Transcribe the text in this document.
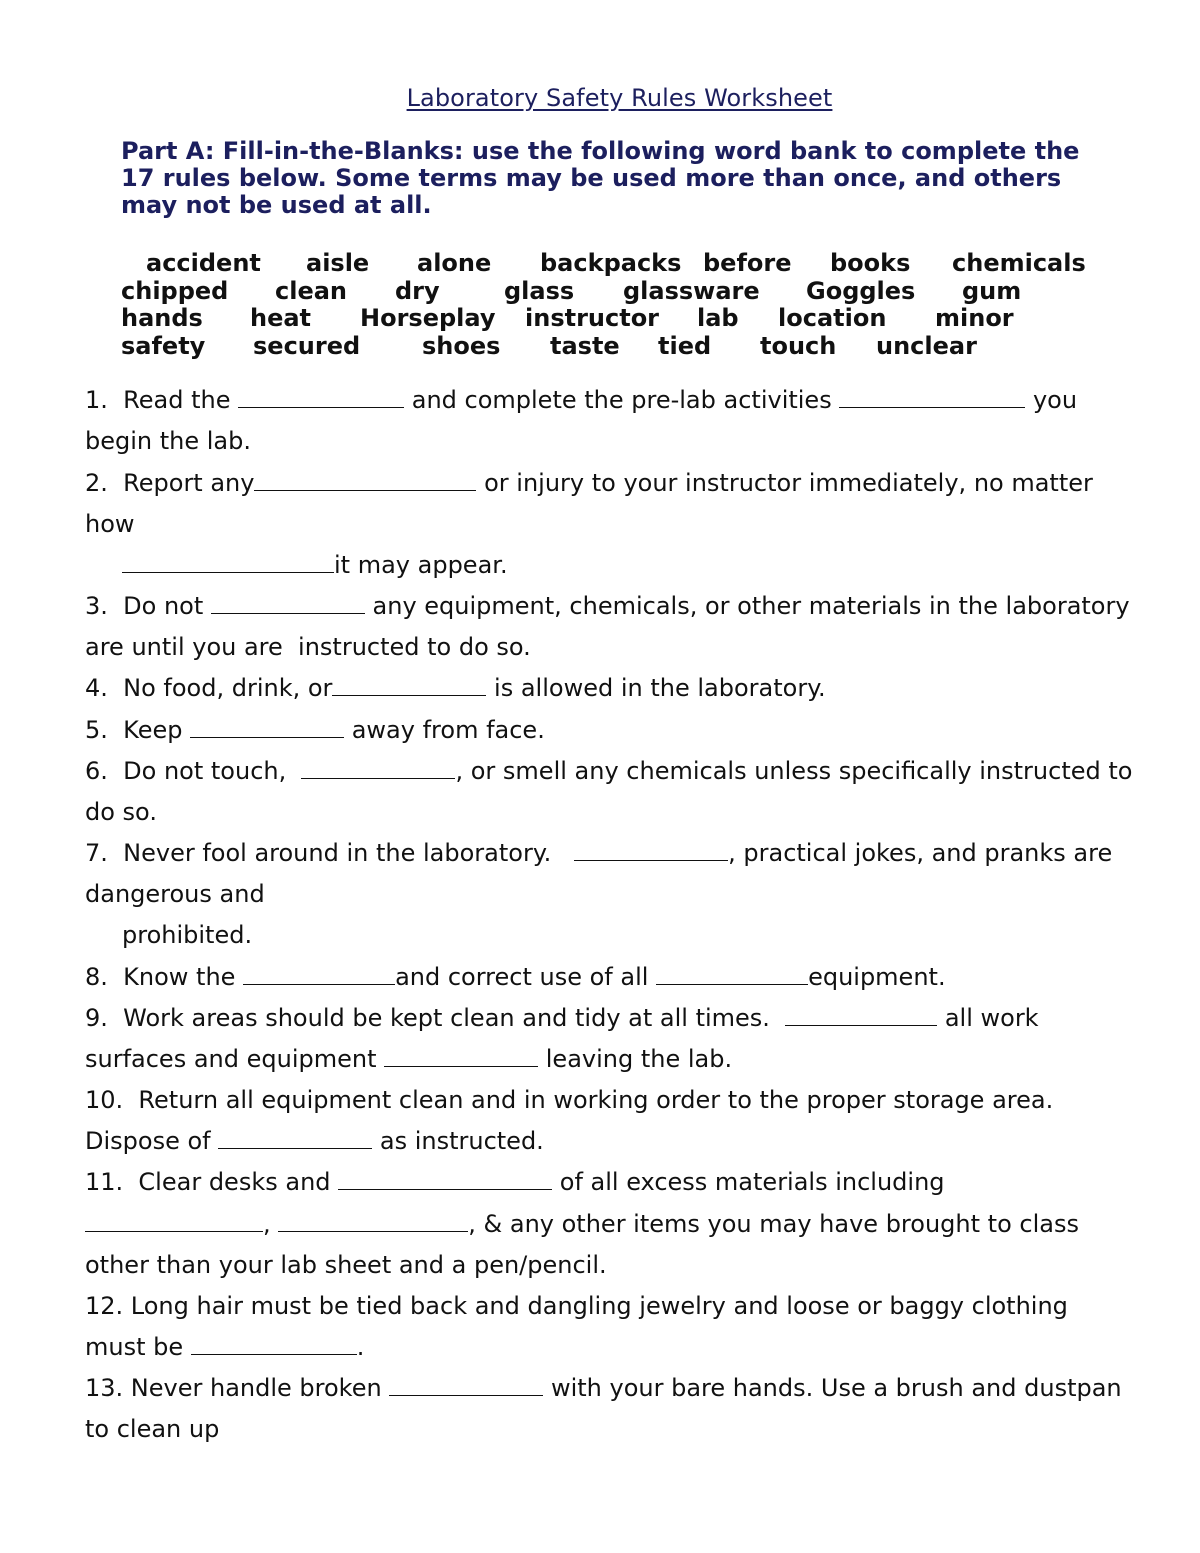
Laboratory Safety Rules Worksheet

Part A: Fill-in-the-Blanks: use the following word bank to complete the 17 rules below. Some terms may be used more than once, and others may not be used at all.

accident aisle alone backpacks before books chemicals
chipped clean dry	glass glassware Goggles gum
hands heat Horseplay instructor lab location minor
safety secured	shoes taste tied touch unclear
1.  Read the	and complete the pre-lab activities	you
begin the lab.
2.  Report any	or injury to your instructor immediately, no matter
how
it may appear.
3.  Do not	any equipment, chemicals, or other materials in the laboratory
are until you are  instructed to do so.
4.  No food, drink, or	is allowed in the laboratory.
5.  Keep	away from face.
6.  Do not touch,	, or smell any chemicals unless specifically instructed to
do so.
7.  Never fool around in the laboratory.	, practical jokes, and pranks are
dangerous and
prohibited.
8.  Know the	and correct use of all	equipment.
9.  Work areas should be kept clean and tidy at all times.	all work
surfaces and equipment	leaving the lab.
10.  Return all equipment clean and in working order to the proper storage area.
Dispose of	as instructed.
11.  Clear desks and	of all excess materials including
,	, & any other items you may have brought to class
other than your lab sheet and a pen/pencil.
12. Long hair must be tied back and dangling jewelry and loose or baggy clothing
must be	.
13. Never handle broken	with your bare hands. Use a brush and dustpan
to clean up
